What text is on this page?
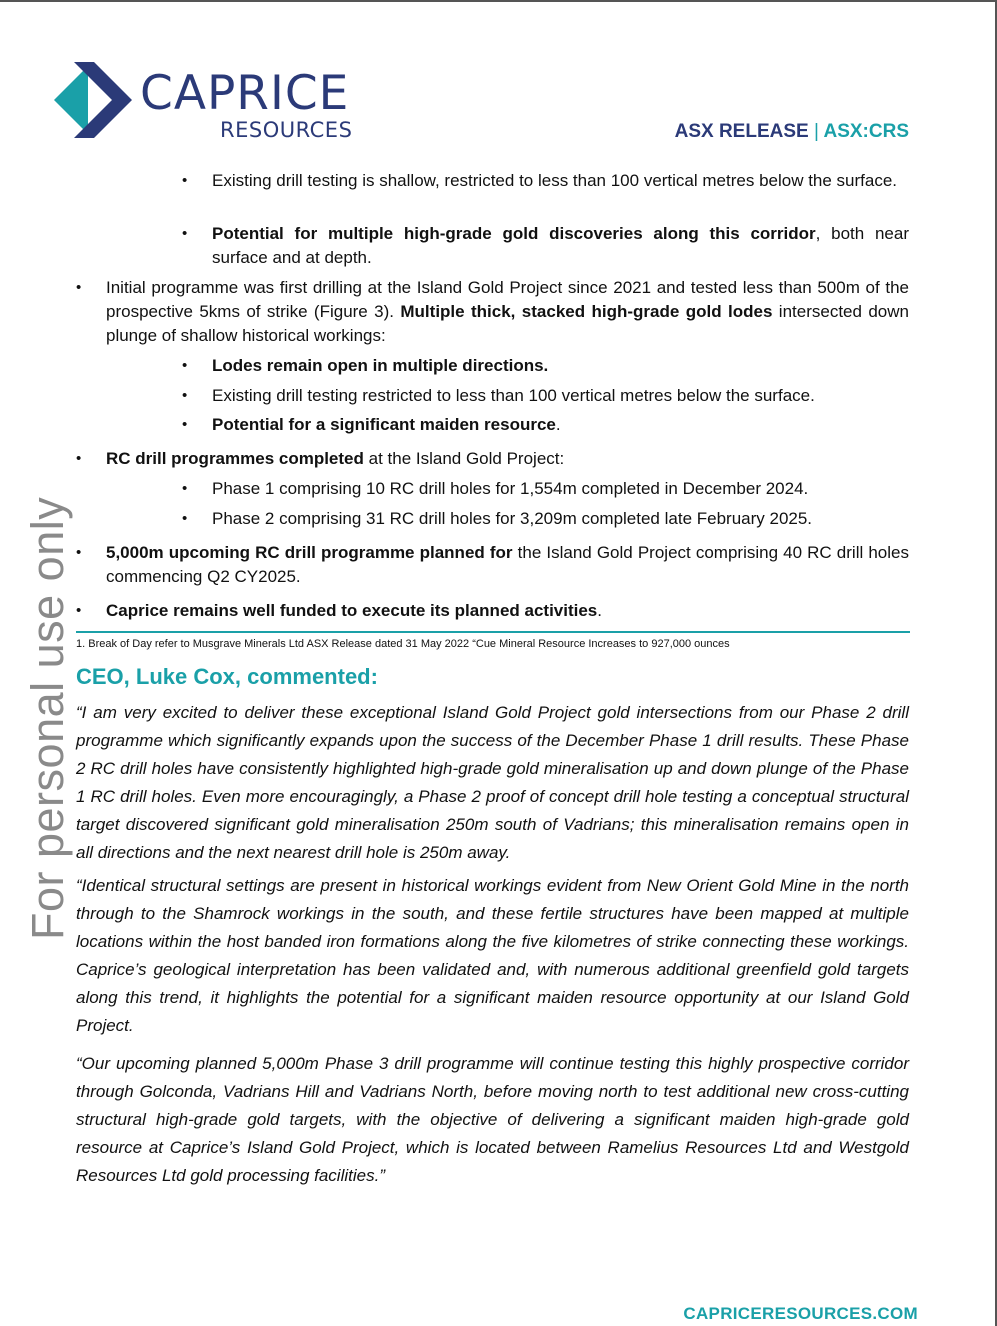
CAPRICE
RESOURCES	ASX RELEASE | ASX:CRS
For personal use only
• Existing drill testing is shallow, restricted to less than 100 vertical metres below the surface.
• Potential for multiple high-grade gold discoveries along this corridor, both near surface and at depth.
• Initial programme was first drilling at the Island Gold Project since 2021 and tested less than 500m of the prospective 5kms of strike (Figure 3). Multiple thick, stacked high-grade gold lodes intersected down plunge of shallow historical workings:
• Lodes remain open in multiple directions.
• Existing drill testing restricted to less than 100 vertical metres below the surface.
• Potential for a significant maiden resource.
• RC drill programmes completed at the Island Gold Project:
• Phase 1 comprising 10 RC drill holes for 1,554m completed in December 2024.
• Phase 2 comprising 31 RC drill holes for 3,209m completed late February 2025.
• 5,000m upcoming RC drill programme planned for the Island Gold Project comprising 40 RC drill holes commencing Q2 CY2025.
• Caprice remains well funded to execute its planned activities.
1. Break of Day refer to Musgrave Minerals Ltd ASX Release dated 31 May 2022 “Cue Mineral Resource Increases to 927,000 ounces
CEO, Luke Cox, commented:
“I am very excited to deliver these exceptional Island Gold Project gold intersections from our Phase 2 drill programme which significantly expands upon the success of the December Phase 1 drill results. These Phase 2 RC drill holes have consistently highlighted high-grade gold mineralisation up and down plunge of the Phase 1 RC drill holes. Even more encouragingly, a Phase 2 proof of concept drill hole testing a conceptual structural target discovered significant gold mineralisation 250m south of Vadrians; this mineralisation remains open in all directions and the next nearest drill hole is 250m away.
“Identical structural settings are present in historical workings evident from New Orient Gold Mine in the north through to the Shamrock workings in the south, and these fertile structures have been mapped at multiple locations within the host banded iron formations along the five kilometres of strike connecting these workings. Caprice’s geological interpretation has been validated and, with numerous additional greenfield gold targets along this trend, it highlights the potential for a significant maiden resource opportunity at our Island Gold Project.
“Our upcoming planned 5,000m Phase 3 drill programme will continue testing this highly prospective corridor through Golconda, Vadrians Hill and Vadrians North, before moving north to test additional new cross-cutting structural high-grade gold targets, with the objective of delivering a significant maiden high-grade gold resource at Caprice’s Island Gold Project, which is located between Ramelius Resources Ltd and Westgold Resources Ltd gold processing facilities.”
CAPRICERESOURCES.COM
